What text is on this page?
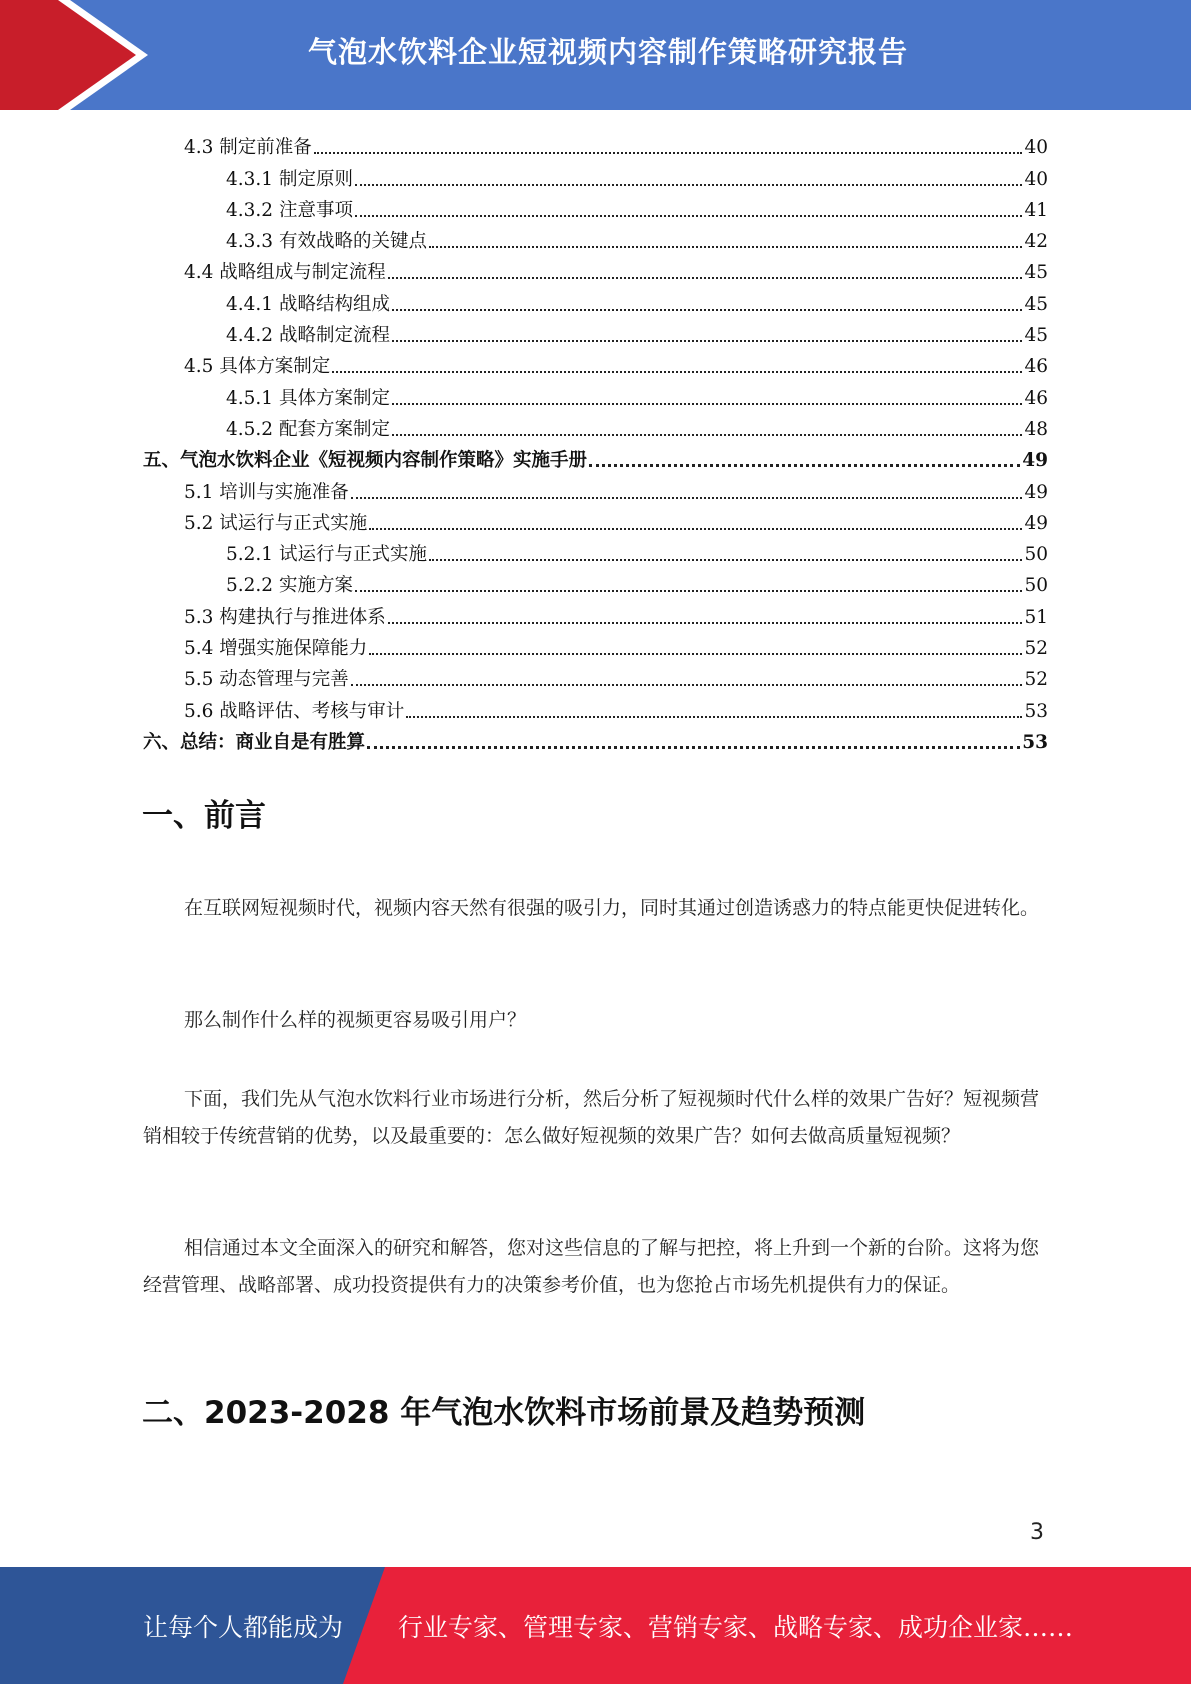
气泡水饮料企业短视频内容制作策略研究报告
4.3 制定前准备	40
4.3.1 制定原则	40
4.3.2 注意事项	41
4.3.3 有效战略的关键点	42
4.4 战略组成与制定流程	45
4.4.1 战略结构组成	45
4.4.2 战略制定流程	45
4.5 具体方案制定	46
4.5.1 具体方案制定	46
4.5.2 配套方案制定	48
五、气泡水饮料企业《短视频内容制作策略》实施手册	49
5.1 培训与实施准备	49
5.2 试运行与正式实施	49
5.2.1 试运行与正式实施	50
5.2.2 实施方案	50
5.3 构建执行与推进体系	51
5.4 增强实施保障能力	52
5.5 动态管理与完善	52
5.6 战略评估、考核与审计	53
六、总结：商业自是有胜算	53
一、前言

在互联网短视频时代，视频内容天然有很强的吸引力，同时其通过创造诱惑力的特点能更快促进转化。

那么制作什么样的视频更容易吸引用户？

下面，我们先从气泡水饮料行业市场进行分析，然后分析了短视频时代什么样的效果广告好？短视频营销相较于传统营销的优势，以及最重要的：怎么做好短视频的效果广告？如何去做高质量短视频？

相信通过本文全面深入的研究和解答，您对这些信息的了解与把控，将上升到一个新的台阶。这将为您经营管理、战略部署、成功投资提供有力的决策参考价值，也为您抢占市场先机提供有力的保证。

二、2023-2028 年气泡水饮料市场前景及趋势预测
3
让每个人都能成为 行业专家、管理专家、营销专家、战略专家、成功企业家……
